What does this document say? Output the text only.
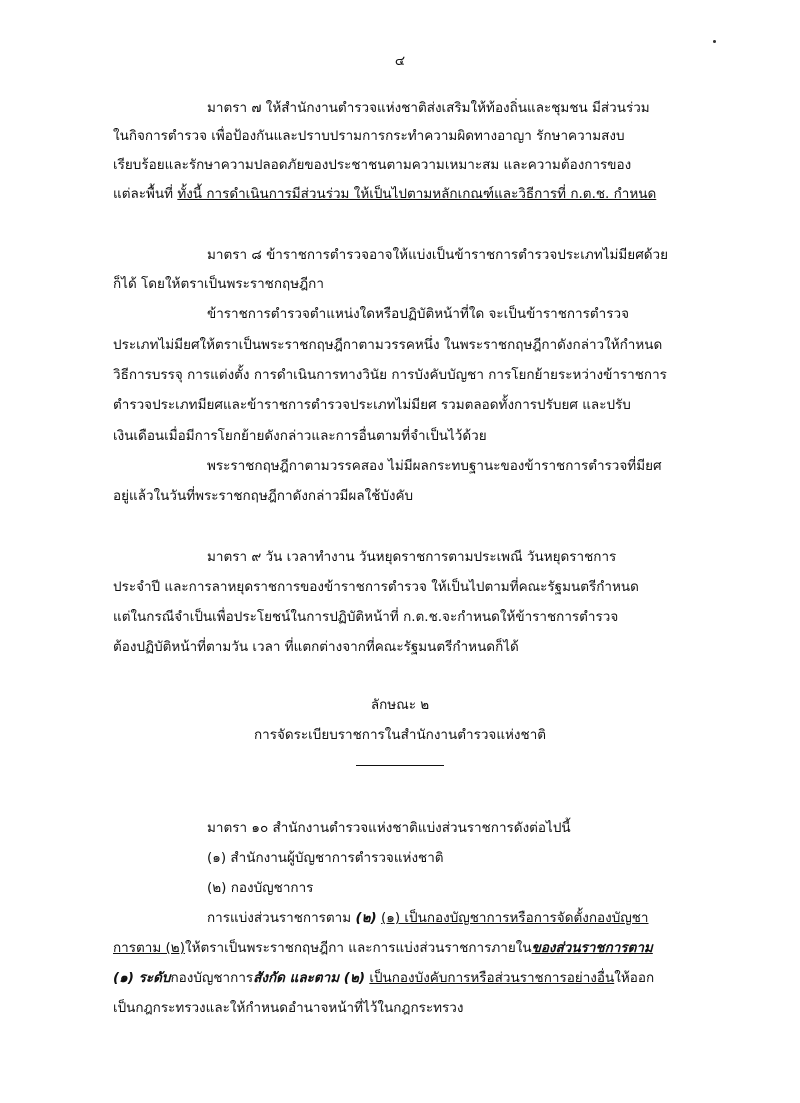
๔
มาตรา ๗ ให้สำนักงานตำรวจแห่งชาติส่งเสริมให้ท้องถิ่นและชุมชน มีส่วนร่วม
ในกิจการตำรวจ เพื่อป้องกันและปราบปรามการกระทำความผิดทางอาญา รักษาความสงบ
เรียบร้อยและรักษาความปลอดภัยของประชาชนตามความเหมาะสม และความต้องการของ
แต่ละพื้นที่ ทั้งนี้ การดำเนินการมีส่วนร่วม ให้เป็นไปตามหลักเกณฑ์และวิธีการที่ ก.ต.ช. กำหนด
มาตรา ๘ ข้าราชการตำรวจอาจให้แบ่งเป็นข้าราชการตำรวจประเภทไม่มียศด้วย
ก็ได้ โดยให้ตราเป็นพระราชกฤษฎีกา
ข้าราชการตำรวจตำแหน่งใดหรือปฏิบัติหน้าที่ใด จะเป็นข้าราชการตำรวจ
ประเภทไม่มียศให้ตราเป็นพระราชกฤษฎีกาตามวรรคหนึ่ง ในพระราชกฤษฎีกาดังกล่าวให้กำหนด
วิธีการบรรจุ การแต่งตั้ง การดำเนินการทางวินัย การบังคับบัญชา การโยกย้ายระหว่างข้าราชการ
ตำรวจประเภทมียศและข้าราชการตำรวจประเภทไม่มียศ รวมตลอดทั้งการปรับยศ และปรับ
เงินเดือนเมื่อมีการโยกย้ายดังกล่าวและการอื่นตามที่จำเป็นไว้ด้วย
พระราชกฤษฎีกาตามวรรคสอง ไม่มีผลกระทบฐานะของข้าราชการตำรวจที่มียศ
อยู่แล้วในวันที่พระราชกฤษฎีกาดังกล่าวมีผลใช้บังคับ
มาตรา ๙ วัน เวลาทำงาน วันหยุดราชการตามประเพณี วันหยุดราชการ
ประจำปี และการลาหยุดราชการของข้าราชการตำรวจ ให้เป็นไปตามที่คณะรัฐมนตรีกำหนด
แต่ในกรณีจำเป็นเพื่อประโยชน์ในการปฏิบัติหน้าที่ ก.ต.ช.จะกำหนดให้ข้าราชการตำรวจ
ต้องปฏิบัติหน้าที่ตามวัน เวลา ที่แตกต่างจากที่คณะรัฐมนตรีกำหนดก็ได้
ลักษณะ ๒
การจัดระเบียบราชการในสำนักงานตำรวจแห่งชาติ
มาตรา ๑๐ สำนักงานตำรวจแห่งชาติแบ่งส่วนราชการดังต่อไปนี้
(๑) สำนักงานผู้บัญชาการตำรวจแห่งชาติ
(๒) กองบัญชาการ
การแบ่งส่วนราชการตาม (๒) (๑) เป็นกองบัญชาการหรือการจัดตั้งกองบัญชา
การตาม (๒)ให้ตราเป็นพระราชกฤษฎีกา และการแบ่งส่วนราชการภายในของส่วนราชการตาม
(๑) ระดับกองบัญชาการสังกัด และตาม (๒) เป็นกองบังคับการหรือส่วนราชการอย่างอื่นให้ออก
เป็นกฎกระทรวงและให้กำหนดอำนาจหน้าที่ไว้ในกฎกระทรวง
